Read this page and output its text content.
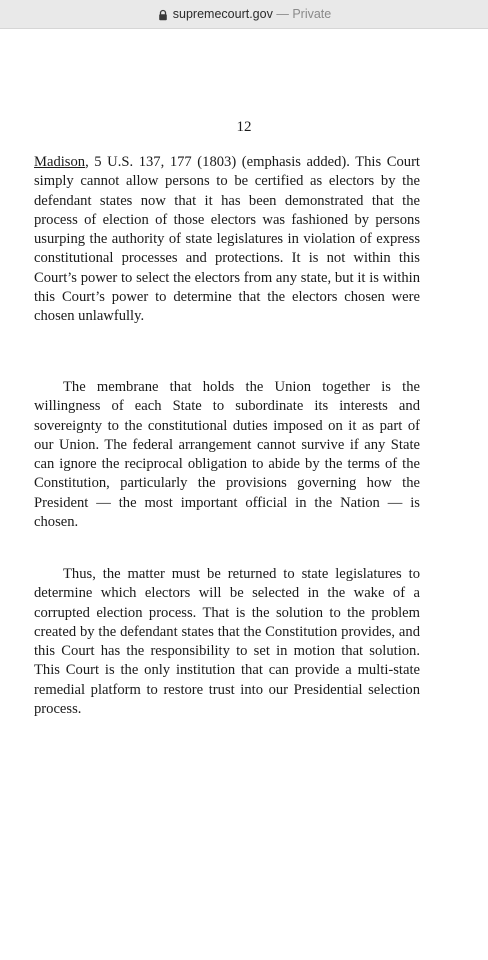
supremecourt.gov
—
Private
12

Madison, 5 U.S. 137, 177 (1803) (emphasis added). This Court simply cannot allow persons to be certified as electors by the defendant states now that it has been demonstrated that the process of election of those electors was fashioned by persons usurping the authority of state legislatures in violation of express constitutional processes and protections. It is not within this Court’s power to select the electors from any state, but it is within this Court’s power to determine that the electors chosen were chosen unlawfully.

The membrane that holds the Union together is the willingness of each State to subordinate its interests and sovereignty to the constitutional duties imposed on it as part of our Union. The federal arrangement cannot survive if any State can ignore the reciprocal obligation to abide by the terms of the Constitution, particularly the provisions governing how the President — the most important official in the Nation — is chosen.

Thus, the matter must be returned to state legislatures to determine which electors will be selected in the wake of a corrupted election process. That is the solution to the problem created by the defendant states that the Constitution provides, and this Court has the responsibility to set in motion that solution. This Court is the only institution that can provide a multi-state remedial platform to restore trust into our Presidential selection process.
